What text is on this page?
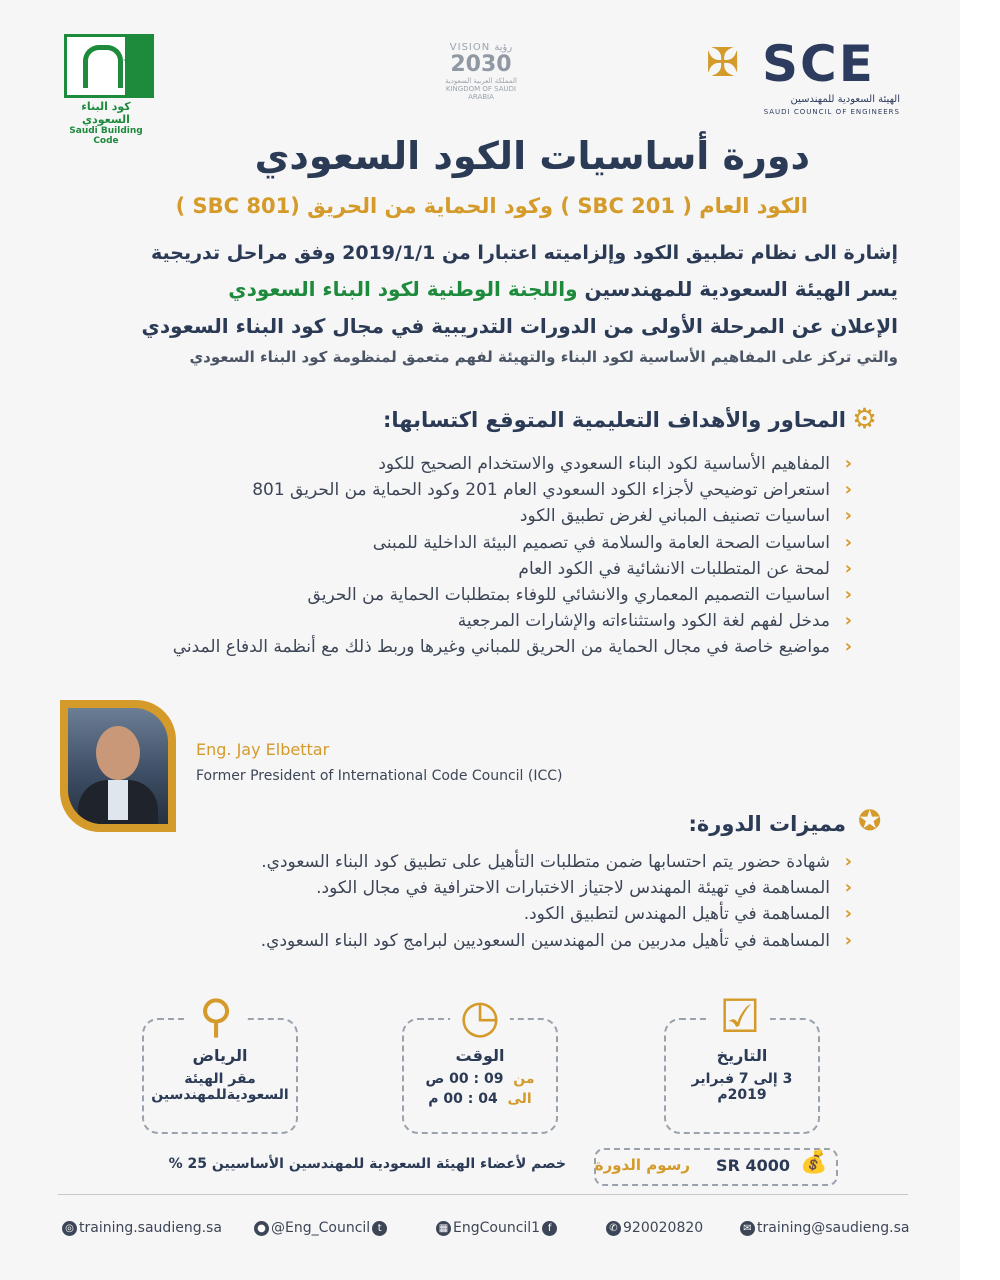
✦
كود البناء السعودي
Saudi Building Code
VISION رؤية
2030
المملكة العربية السعودية KINGDOM OF SAUDI ARABIA
✠ SCE
الهيئة السعودية للمهندسين
SAUDI COUNCIL OF ENGINEERS
دورة أساسيات الكود السعودي
الكود العام ( SBC 201 ) وكود الحماية من الحريق (SBC 801 )
إشارة الى نظام تطبيق الكود وإلزاميته اعتبارا من 2019/1/1 وفق مراحل تدريجية
يسر الهيئة السعودية للمهندسين واللجنة الوطنية لكود البناء السعودي
الإعلان عن المرحلة الأولى من الدورات التدريبية في مجال كود البناء السعودي
والتي تركز على المفاهيم الأساسية لكود البناء والتهيئة لفهم متعمق لمنظومة كود البناء السعودي
⚙
المحاور والأهداف التعليمية المتوقع اكتسابها:
‹
المفاهيم الأساسية لكود البناء السعودي والاستخدام الصحيح للكود
‹
استعراض توضيحي لأجزاء الكود السعودي العام 201 وكود الحماية من الحريق 801
‹
اساسيات تصنيف المباني لغرض تطبيق الكود
‹
اساسيات الصحة العامة والسلامة في تصميم البيئة الداخلية للمبنى
‹
لمحة عن المتطلبات الانشائية في الكود العام
‹
اساسيات التصميم المعماري والانشائي للوفاء بمتطلبات الحماية من الحريق
‹
مدخل لفهم لغة الكود واستثناءاته والإشارات المرجعية
‹
مواضيع خاصة في مجال الحماية من الحريق للمباني وغيرها وربط ذلك مع أنظمة الدفاع المدني
Eng. Jay Elbettar
Former President of International Code Council (ICC)
✪
مميزات الدورة:
‹
شهادة حضور يتم احتسابها ضمن متطلبات التأهيل على تطبيق كود البناء السعودي.
‹
المساهمة في تهيئة المهندس لاجتياز الاختبارات الاحترافية في مجال الكود.
‹
المساهمة في تأهيل المهندس لتطبيق الكود.
‹
المساهمة في تأهيل مدربين من المهندسين السعوديين لبرامج كود البناء السعودي.
الرياض
مقر الهيئة
السعوديةللمهندسين
⚲
الوقت
من  09 : 00 ص
الى  04 : 00 م
◷
التاريخ
3 إلى 7 فبراير
2019م
☑
💰
SR 4000
رسوم الدورة
خصم لأعضاء الهيئة السعودية للمهندسين الأساسيين 25 %
◎ training.saudieng.sa	● @Eng_Council t	▦ EngCouncil1 f	✆ 920020820	✉ training@saudieng.sa
